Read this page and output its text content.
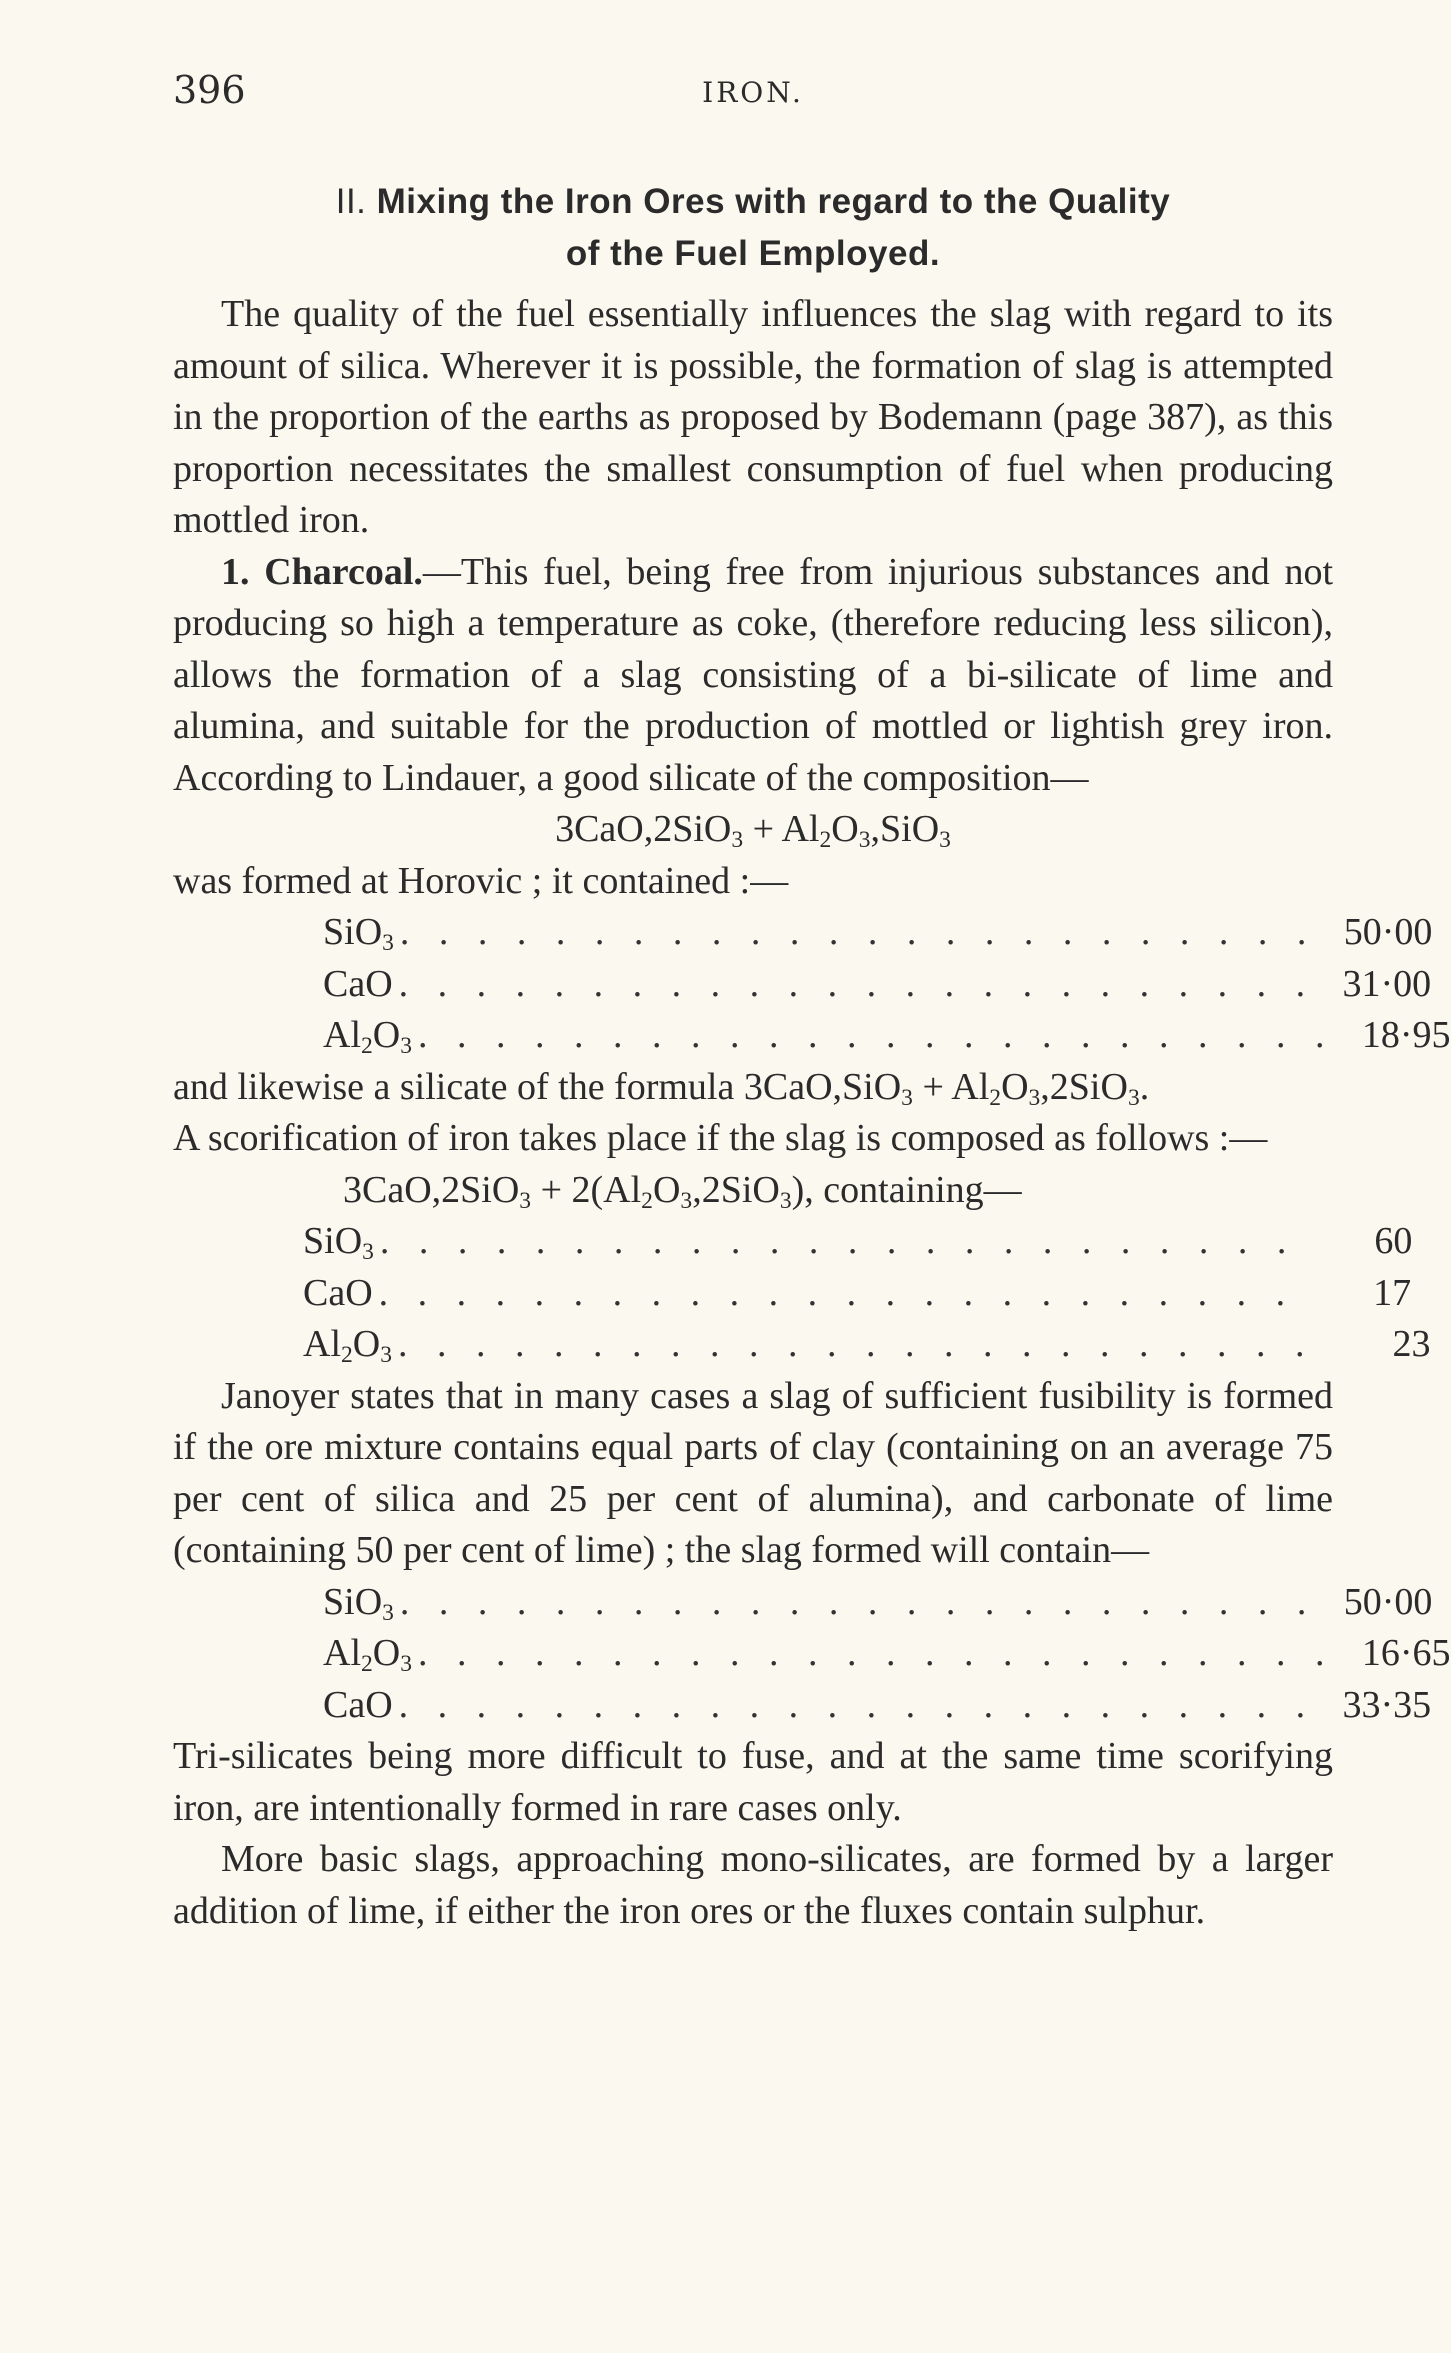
396	IRON.
II. Mixing the Iron Ores with regard to the Quality
of the Fuel Employed.

The quality of the fuel essentially influences the slag with regard to its amount of silica. Wherever it is possible, the formation of slag is attempted in the proportion of the earths as proposed by Bodemann (page 387), as this proportion necessitates the smallest consumption of fuel when producing mottled iron.

1. Charcoal.—This fuel, being free from injurious substances and not producing so high a temperature as coke, (therefore reducing less silicon), allows the formation of a slag consisting of a bi-silicate of lime and alumina, and suitable for the production of mottled or lightish grey iron. According to Lindauer, a good silicate of the composition—

$3CaO,2SiO_3 + Al_2O_3,SiO_3$

was formed at Horovic ; it contained :—

SiO$_3$ . . . . . . . . . . . . . . . . . . . . . . . . 50·00
CaO . . . . . . . . . . . . . . . . . . . . . . . . 31·00
$Al_2O_3$ . . . . . . . . . . . . . . . . . . . . . . . . 18·95

and likewise a silicate of the formula $3CaO,SiO_3 + Al_2O_3,2SiO_3$.

A scorification of iron takes place if the slag is composed as follows :—

$3CaO,2SiO_3 + 2(Al_2O_3,2SiO_3)$, containing—
SiO$_3$ . . . . . . . . . . . . . . . . . . . . . . . .	60
CaO . . . . . . . . . . . . . . . . . . . . . . . .	17
$Al_2O_3$ . . . . . . . . . . . . . . . . . . . . . . . .	23

Janoyer states that in many cases a slag of sufficient fusibility is formed if the ore mixture contains equal parts of clay (containing on an average 75 per cent of silica and 25 per cent of alumina), and carbonate of lime (containing 50 per cent of lime) ; the slag formed will contain—

SiO$_3$ . . . . . . . . . . . . . . . . . . . . . . . . 50·00
$Al_2O_3$ . . . . . . . . . . . . . . . . . . . . . . . . 16·65
CaO . . . . . . . . . . . . . . . . . . . . . . . . 33·35

Tri-silicates being more difficult to fuse, and at the same time scorifying iron, are intentionally formed in rare cases only.

More basic slags, approaching mono-silicates, are formed by a larger addition of lime, if either the iron ores or the fluxes contain sulphur.
